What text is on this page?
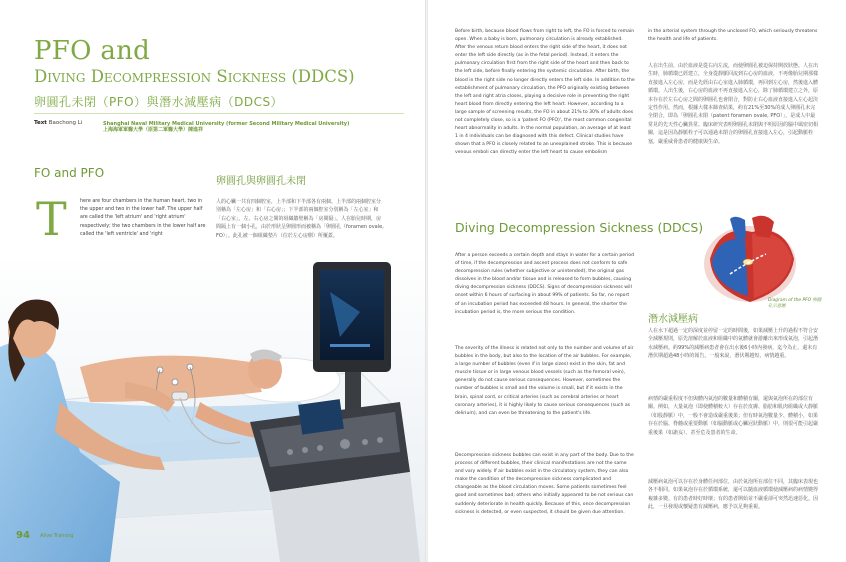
PFO and
Diving Decompression Sickness (DDCS)
卵圓孔未閉（PFO）與潛水減壓病（DDCS）
Text Baochong Li	Shanghai Naval Military Medical University (former Second Military Medical University)
上海海軍軍醫大學（原第二軍醫大學）陳進祥
FO and PFO
卵圓孔與卵圓孔未閉
T	here are four chambers in the human heart, two in the upper and two in the lower half. The upper half are called the 'left atrium' and 'right atrium' respectively; the two chambers in the lower half are called the 'left ventricle' and 'right
人的心臟一共有四個腔室，上半部和下半部各有兩個。上半部的兩個腔室分別稱為「左心房」和「右心房」；下半部的兩個腔室分別稱為「左心室」和「右心室」。左、右心房之間的組織牆壁稱為「房間隔」。人在胎兒時期，房間隔上有一個小孔，由於形狀呈卵圓形而被稱為「卵圓孔（foramen ovale, FO）」。此孔被一個組織墊片（位於左心房側）所覆蓋。
94 Alive Training
Before birth, because blood flows from right to left, the FO is forced to remain open. When a baby is born, pulmonary circulation is already established. After the venous return blood enters the right side of the heart, it does not enter the left side directly (as in the fetal period). Instead, it enters the pulmonary circulation first from the right side of the heart and then back to the left side, before finally entering the systemic circulation. After birth, the blood in the right side no longer directly enters the left side. In addition to the establishment of pulmonary circulation, the PFO originally existing between the left and right atria closes, playing a decisive role in preventing the right heart blood from directly entering the left heart. However, according to a large sample of screening results, the FO in about 21% to 30% of adults does not completely close, so is a 'patent FO (PFO)', the most common congenital heart abnormality in adults. In the normal population, an average of at least 1 in 4 individuals can be diagnosed with this defect. Clinical studies have shown that a PFO is closely related to an unexplained stroke. This is because venous emboli can directly enter the left heart to cause embolism
Diving Decompression Sickness (DDCS)
After a person exceeds a certain depth and stays in water for a certain period of time, if the decompression and ascent process does not conform to safe decompression rules (whether subjective or unintended), the original gas dissolves in the blood and/or tissue and is released to form bubbles, causing diving decompression sickness (DDCS). Signs of decompression sickness will onset within 6 hours of surfacing in about 99% of patients. So far, no report of an incubation period has exceeded 48 hours. In general, the shorter the incubation period is, the more serious the condition.
The severity of the illness is related not only to the number and volume of air bubbles in the body, but also to the location of the air bubbles. For example, a large number of bubbles (even if in large sizes) exist in the skin, fat and muscle tissue or in large venous blood vessels (such as the femoral vein), generally do not cause serious consequences. However, sometimes the number of bubbles is small and the volume is small, but if it exists in the brain, spinal cord, or critical arteries (such as cerebral arteries or heart coronary arteries), it is highly likely to cause serious consequences (such as delirium), and can even be threatening to the patient's life.
Decompression sickness bubbles can exist in any part of the body. Due to the process of different bubbles, their clinical manifestations are not the same and vary widely. If air bubbles exist in the circulatory system, they can also make the condition of the decompression sickness complicated and changeable as the blood circulation moves. Some patients sometimes feel good and sometimes bad; others who initially appeared to be not serious can suddenly deteriorate in health quickly. Because of this, once decompression sickness is detected, or even suspected, it should be given due attention.
in the arterial system through the unclosed FO, which seriously threatens the health and life of patients.
人在出生前，由於血液是從右向左流，而使卵圓孔被迫保持開放狀態。人在出生時，肺循環已經建立，全身從靜脈回流到右心房的血液，不再像胎兒期那樣直接進入左心房，而是先經由右心室進入肺循環，再回到左心房，然後進入體循環。人出生後，右心房的血液不再直接進入左心，除了肺循環建立之外，原本存在於左右心房之間的卵圓孔也會閉合，對防止右心血液直接進入左心起決定性作用。然而，根據大樣本篩查結果，約有21%至30%的成人卵圓孔未完全閉合，即為「卵圓孔未閉（patent foramen ovale, PFO）」，是成人中最常見的先天性心臟異常。臨床研究表明卵圓孔未閉與不明原因的腦中風密切相關，這是因為靜脈栓子可以通過未閉合的卵圓孔直接進入左心，引起動脈栓塞，嚴重威脅患者的健康與生命。
Diagram of the PFO 卵圓孔示意圖
潛水減壓病
人在水下超過一定的深度並停留一定的時間後，如果減壓上升的過程不符合安全減壓規則，原先溶解於血液和組織中的氣體就會游離出來形成氣泡，引起潛水減壓病。約99%的減壓病患者會在出水後6小時內發病，迄今為止，還未有潛伏期超過48小時的報告。一般來說，潛伏期越短，病情越重。
病情的嚴重程度不但與體內氣泡的數量和體積有關，還與氣泡所在的部位有關。例如，大量氣泡（即使體積較大）存在於皮膚、脂肪和肌肉組織或大靜脈（如股靜脈）中，一般不會造成嚴重後果；但有時氣泡數量少、體積小，如果存在於腦、脊髓或重要動脈（如腦動脈或心臟冠狀動脈）中，則很可能引起嚴重後果（如譫妄），甚至危及患者的生命。
減壓病氣泡可以存在於身體任何部位，由於氣泡所在部位不同，其臨床表現也各不相同。如果氣泡存在於循環系統，還可以隨血液循環使減壓病的病情變得複雜多變。有的患者時好時壞；有的患者開始並不嚴重卻可突然迅速惡化。因此，一旦發現或懷疑患有減壓病，應予以足夠重視。
